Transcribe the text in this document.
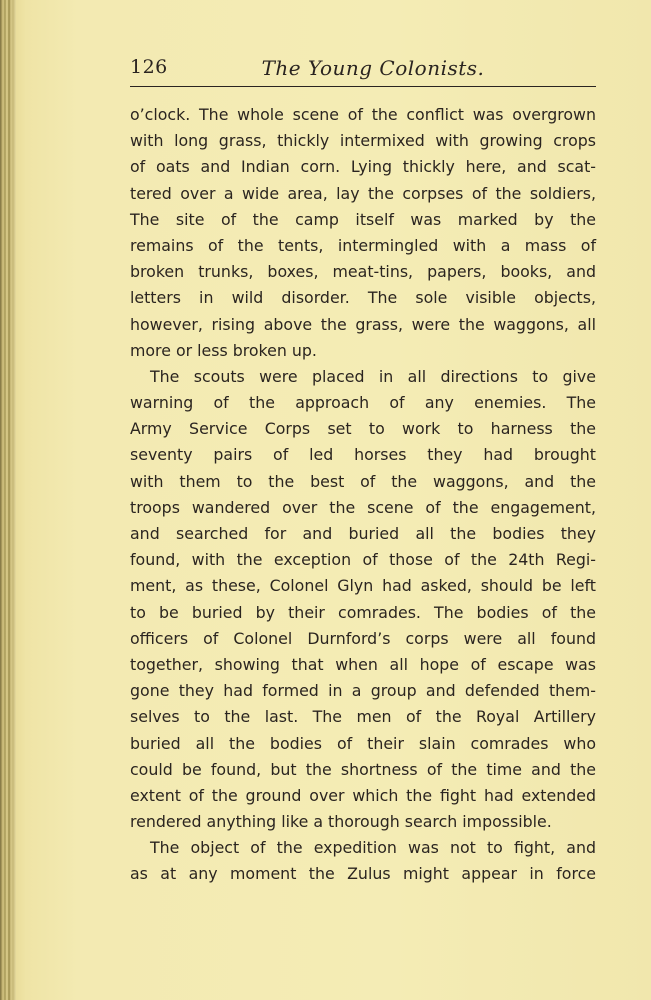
126	The Young Colonists.
o’clock. The whole scene of the conflict was overgrown
with long grass, thickly intermixed with growing crops
of oats and Indian corn. Lying thickly here, and scat-
tered over a wide area, lay the corpses of the soldiers,
The site of the camp itself was marked by the
remains of the tents, intermingled with a mass of
broken trunks, boxes, meat-tins, papers, books, and
letters in wild disorder. The sole visible objects,
however, rising above the grass, were the waggons, all
more or less broken up.
The scouts were placed in all directions to give
warning of the approach of any enemies. The
Army Service Corps set to work to harness the
seventy pairs of led horses they had brought
with them to the best of the waggons, and the
troops wandered over the scene of the engagement,
and searched for and buried all the bodies they
found, with the exception of those of the 24th Regi-
ment, as these, Colonel Glyn had asked, should be left
to be buried by their comrades. The bodies of the
officers of Colonel Durnford’s corps were all found
together, showing that when all hope of escape was
gone they had formed in a group and defended them-
selves to the last. The men of the Royal Artillery
buried all the bodies of their slain comrades who
could be found, but the shortness of the time and the
extent of the ground over which the fight had extended
rendered anything like a thorough search impossible.
The object of the expedition was not to fight, and
as at any moment the Zulus might appear in force
